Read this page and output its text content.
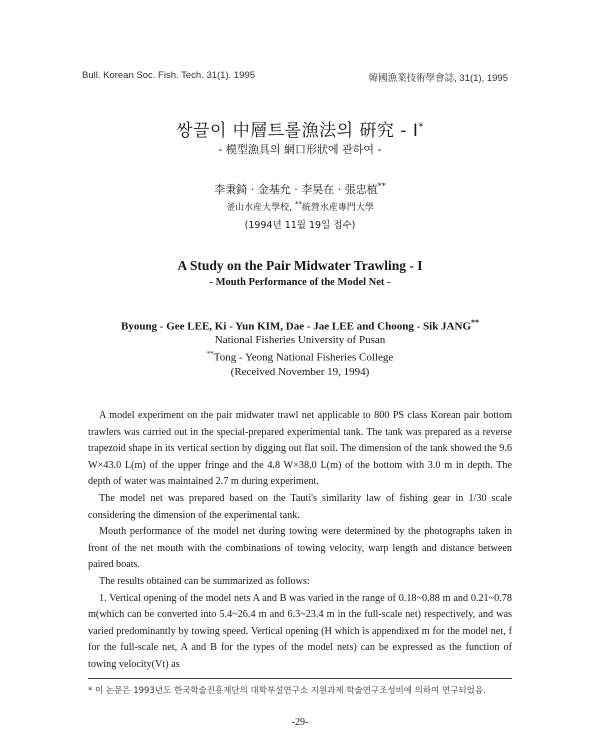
Bull. Korean Soc. Fish. Tech. 31(1). 1995	韓國漁業技術學會誌, 31(1), 1995
쌍끌이 中層트롤漁法의 硏究 - I*
- 模型漁具의 網口形狀에 관하여 -
李秉錡 · 金基允 · 李昊在 · 張忠植**
釜山水産大學校, **統營水産專門大學
(1994년 11월 19일 접수)
A Study on the Pair Midwater Trawling - I
- Mouth Performance of the Model Net -
Byoung - Gee LEE, Ki - Yun KIM, Dae - Jae LEE and Choong - Sik JANG**
National Fisheries University of Pusan
**Tong - Yeong National Fisheries College
(Received November 19, 1994)

A model experiment on the pair midwater trawl net applicable to 800 PS class Korean pair bottom trawlers was carried out in the special-prepared experimental tank. The tank was prepared as a reverse trapezoid shape in its vertical section by digging out flat soil. The dimension of the tank showed the 9.6 W×43.0 L(m) of the upper fringe and the 4.8 W×38.0 L(m) of the bottom with 3.0 m in depth. The depth of water was maintained 2.7 m during experiment.

The model net was prepared based on the Tauti's similarity law of fishing gear in 1/30 scale considering the dimension of the experimental tank.

Mouth performance of the model net during towing were determined by the photographs taken in front of the net mouth with the combinations of towing velocity, warp length and distance between paired boats.

The results obtained can be summarized as follows:

1. Vertical opening of the model nets A and B was varied in the range of 0.18~0.88 m and 0.21~0.78 m(which can be converted into 5.4~26.4 m and 6.3~23.4 m in the full-scale net) respectively, and was varied predominantly by towing speed. Vertical opening (H which is appendixed m for the model net, f for the full-scale net, A and B for the types of the model nets) can be expressed as the function of towing velocity(Vt) as

* 이 논문은 1993년도 한국학술진흥재단의 대학부설연구소 지원과제 학술연구조성비에 의하여 연구되었음.
-29-
